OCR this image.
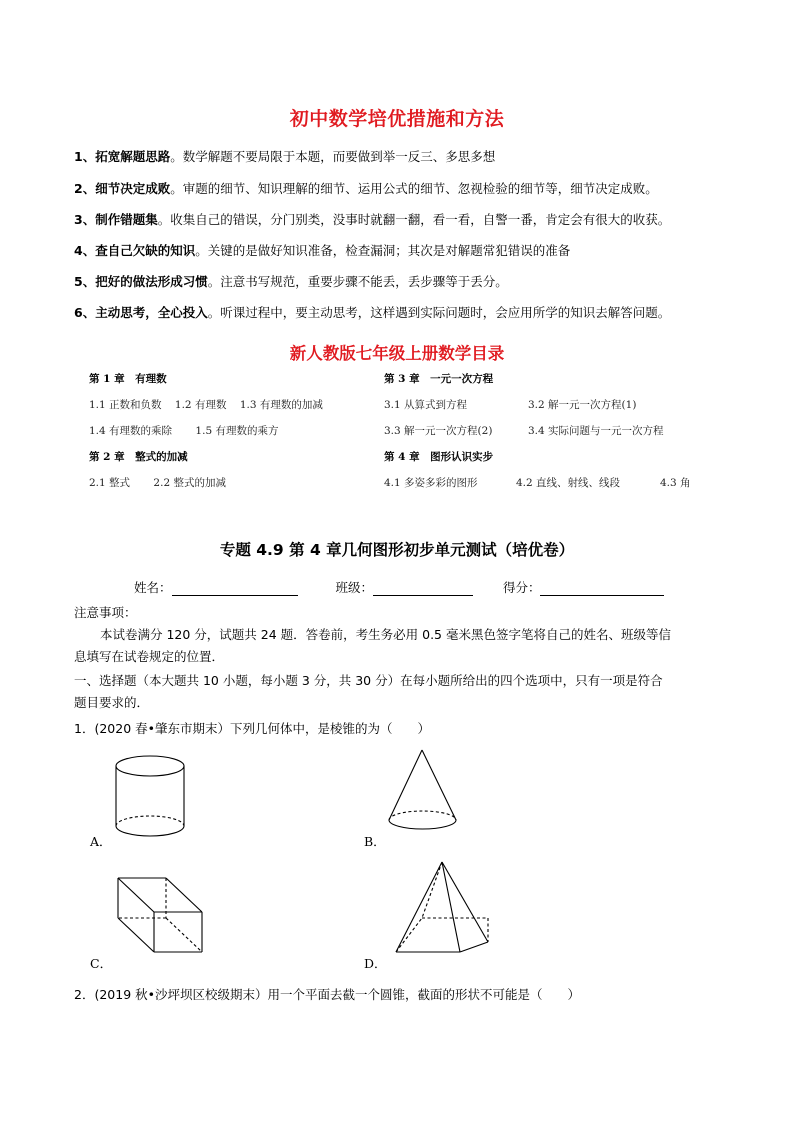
初中数学培优措施和方法
1、拓宽解题思路。数学解题不要局限于本题，而要做到举一反三、多思多想
2、细节决定成败。审题的细节、知识理解的细节、运用公式的细节、忽视检验的细节等，细节决定成败。
3、制作错题集。收集自己的错误，分门别类，没事时就翻一翻，看一看，自警一番，肯定会有很大的收获。
4、查自己欠缺的知识。关键的是做好知识准备，检查漏洞；其次是对解题常犯错误的准备
5、把好的做法形成习惯。注意书写规范，重要步骤不能丢，丢步骤等于丢分。
6、主动思考，全心投入。听课过程中，要主动思考，这样遇到实际问题时，会应用所学的知识去解答问题。
新人教版七年级上册数学目录
第 1 章　有理数
1.1 正数和负数 1.2 有理数 1.3 有理数的加减
1.4 有理数的乘除 1.5 有理数的乘方
第 2 章　整式的加减
2.1 整式 2.2 整式的加减
第 3 章　一元一次方程
3.1 从算式到方程	3.2 解一元一次方程(1)
3.3 解一元一次方程(2)	3.4 实际问题与一元一次方程
第 4 章　图形认识实步
4.1 多姿多彩的图形	4.2 直线、射线、线段	4.3 角
专题 4.9 第 4 章几何图形初步单元测试（培优卷）
姓名：	班级：	得分：
注意事项：
本试卷满分 120 分，试题共 24 题．答卷前，考生务必用 0.5 毫米黑色签字笔将自己的姓名、班级等信
息填写在试卷规定的位置．
一、选择题（本大题共 10 小题，每小题 3 分，共 30 分）在每小题所给出的四个选项中，只有一项是符合
题目要求的．
1．(2020 春•肇东市期末）下列几何体中，是棱锥的为（　　）
A．	B．
C．	D．
2．(2019 秋•沙坪坝区校级期末）用一个平面去截一个圆锥，截面的形状不可能是（　　）
